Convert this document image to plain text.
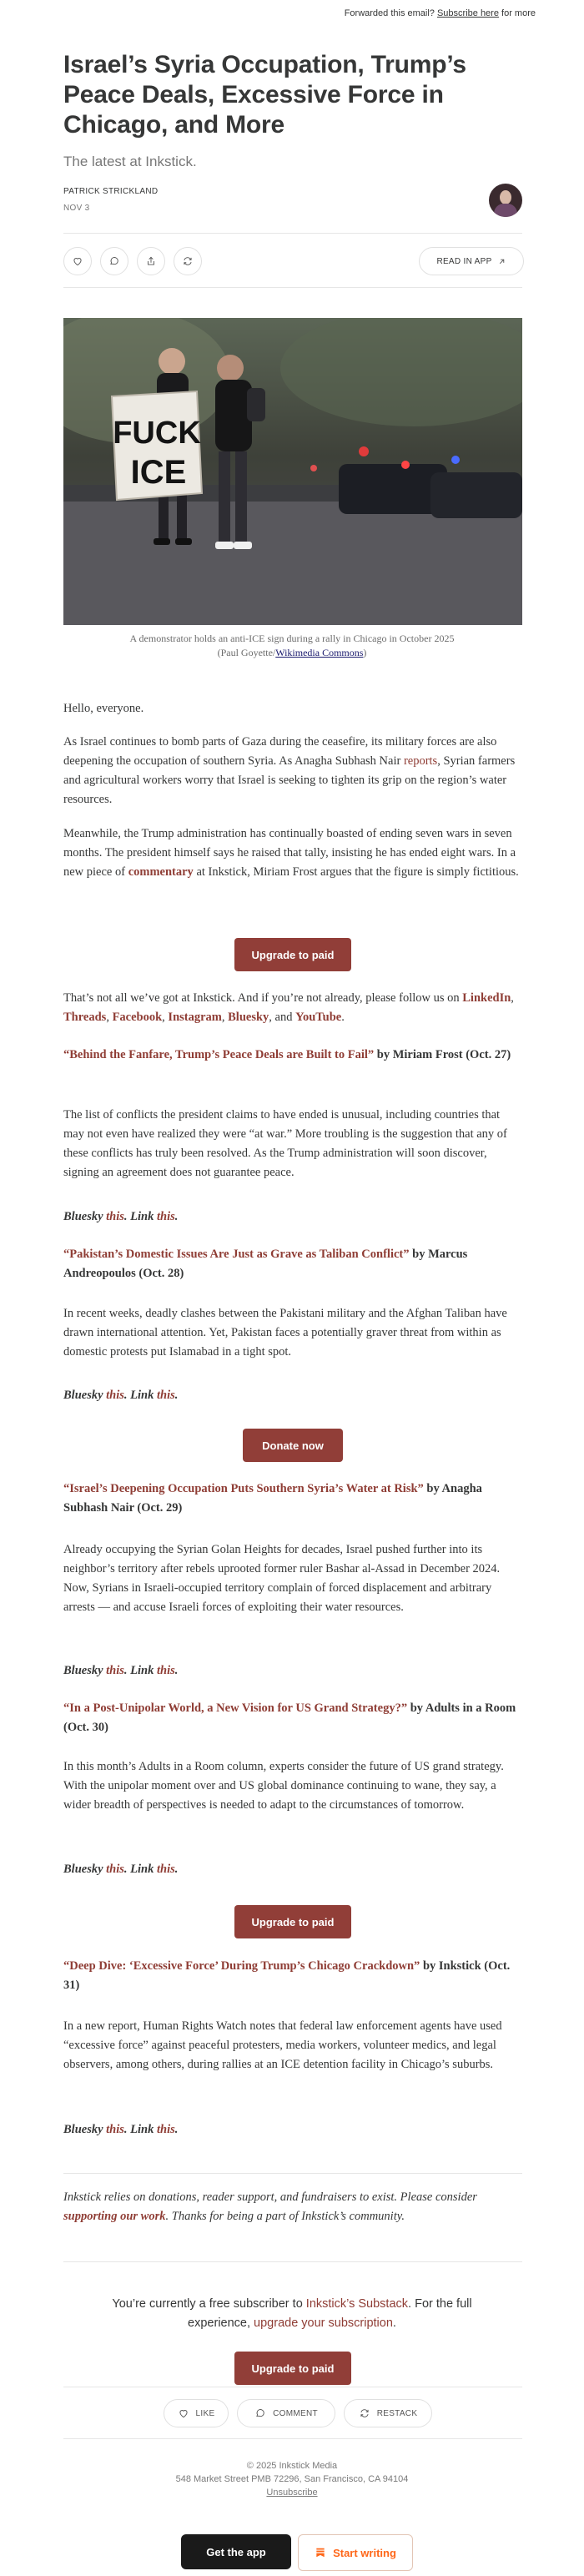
Forwarded this email? Subscribe here for more
Israel’s Syria Occupation, Trump’s Peace Deals, Excessive Force in Chicago, and More
The latest at Inkstick.
PATRICK STRICKLAND
NOV 3
READ IN APP
FUCK
ICE
A demonstrator holds an anti-ICE sign during a rally in Chicago in October 2025 (Paul Goyette/Wikimedia Commons)

Hello, everyone.

As Israel continues to bomb parts of Gaza during the ceasefire, its military forces are also deepening the occupation of southern Syria. As Anagha Subhash Nair reports, Syrian farmers and agricultural workers worry that Israel is seeking to tighten its grip on the region’s water resources.

Meanwhile, the Trump administration has continually boasted of ending seven wars in seven months. The president himself says he raised that tally, insisting he has ended eight wars. In a new piece of commentary at Inkstick, Miriam Frost argues that the figure is simply fictitious.

Upgrade to paid

That’s not all we’ve got at Inkstick. And if you’re not already, please follow us on LinkedIn, Threads, Facebook, Instagram, Bluesky, and YouTube.

“Behind the Fanfare, Trump’s Peace Deals are Built to Fail” by Miriam Frost (Oct. 27)

The list of conflicts the president claims to have ended is unusual, including countries that may not even have realized they were “at war.” More troubling is the suggestion that any of these conflicts has truly been resolved. As the Trump administration will soon discover, signing an agreement does not guarantee peace.

Bluesky this. Link this.

“Pakistan’s Domestic Issues Are Just as Grave as Taliban Conflict” by Marcus Andreopoulos (Oct. 28)

In recent weeks, deadly clashes between the Pakistani military and the Afghan Taliban have drawn international attention. Yet, Pakistan faces a potentially graver threat from within as domestic protests put Islamabad in a tight spot.

Bluesky this. Link this.

Donate now

“Israel’s Deepening Occupation Puts Southern Syria’s Water at Risk” by Anagha Subhash Nair (Oct. 29)

Already occupying the Syrian Golan Heights for decades, Israel pushed further into its neighbor’s territory after rebels uprooted former ruler Bashar al-Assad in December 2024. Now, Syrians in Israeli-occupied territory complain of forced displacement and arbitrary arrests — and accuse Israeli forces of exploiting their water resources.

Bluesky this. Link this.

“In a Post-Unipolar World, a New Vision for US Grand Strategy?” by Adults in a Room (Oct. 30)

In this month’s Adults in a Room column, experts consider the future of US grand strategy. With the unipolar moment over and US global dominance continuing to wane, they say, a wider breadth of perspectives is needed to adapt to the circumstances of tomorrow.

Bluesky this. Link this.

Upgrade to paid

“Deep Dive: ‘Excessive Force’ During Trump’s Chicago Crackdown” by Inkstick (Oct. 31)

In a new report, Human Rights Watch notes that federal law enforcement agents have used “excessive force” against peaceful protesters, media workers, volunteer medics, and legal observers, among others, during rallies at an ICE detention facility in Chicago’s suburbs.

Bluesky this. Link this.

Inkstick relies on donations, reader support, and fundraisers to exist. Please consider supporting our work. Thanks for being a part of Inkstick’s community.

You’re currently a free subscriber to Inkstick’s Substack. For the full experience, upgrade your subscription.

Upgrade to paid
LIKE	COMMENT	RESTACK
© 2025 Inkstick Media
548 Market Street PMB 72296, San Francisco, CA 94104
Unsubscribe
Get the app	Start writing
